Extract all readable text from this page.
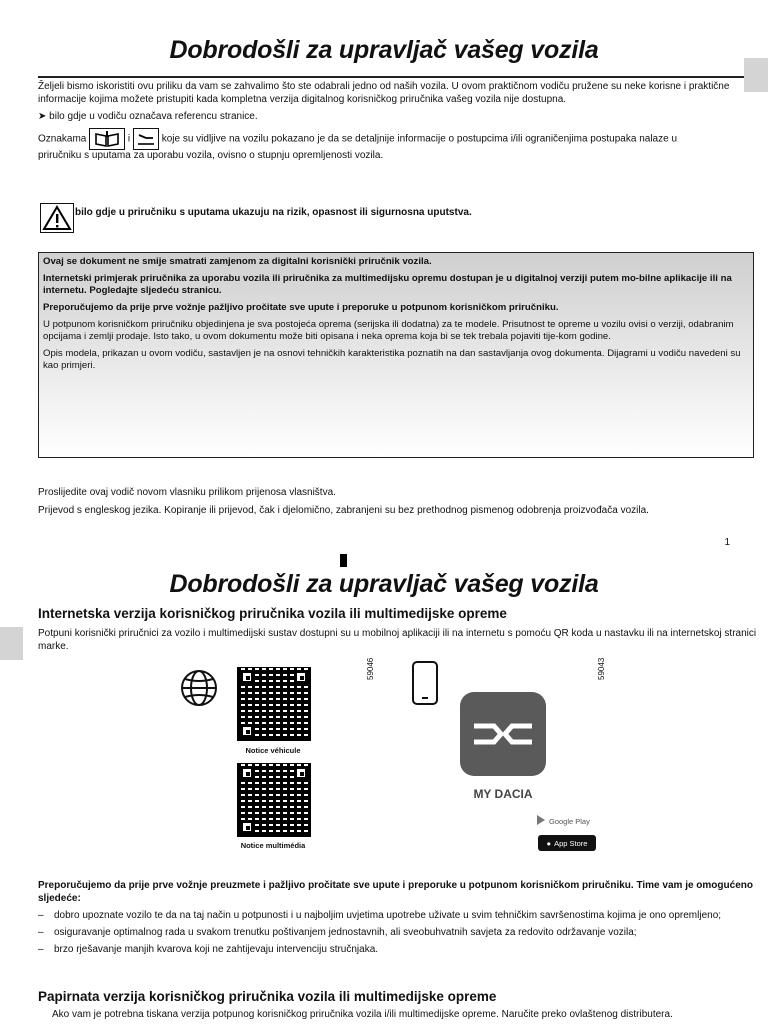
Dobrodošli za upravljač vašeg vozila
Željeli bismo iskoristiti ovu priliku da vam se zahvalimo što ste odabrali jedno od naših vozila. U ovom praktičnom vodiču pružene su neke korisne i praktične informacije kojima možete pristupiti kada kompletna verzija digitalnog korisničkog priručnika vašeg vozila nije dostupna.
➤ bilo gdje u vodiču označava referencu stranice.
Oznakama	i	koje su vidljive na vozilu pokazano je da se detaljnije informacije o postupcima i/ili ograničenjima postupaka nalaze u
priručniku s uputama za uporabu vozila, ovisno o stupnju opremljenosti vozila.
bilo gdje u priručniku s uputama ukazuju na rizik, opasnost ili sigurnosna uputstva.

Ovaj se dokument ne smije smatrati zamjenom za digitalni korisnički priručnik vozila.

Internetski primjerak priručnika za uporabu vozila ili priručnika za multimedijsku opremu dostupan je u digitalnoj verziji putem mo-bilne aplikacije ili na internetu. Pogledajte sljedeću stranicu.

Preporučujemo da prije prve vožnje pažljivo pročitate sve upute i preporuke u potpunom korisničkom priručniku.

U potpunom korisničkom priručniku objedinjena je sva postojeća oprema (serijska ili dodatna) za te modele. Prisutnost te opreme u vozilu ovisi o verziji, odabranim opcijama i zemlji prodaje. Isto tako, u ovom dokumentu može biti opisana i neka oprema koja bi se tek trebala pojaviti tije-kom godine.

Opis modela, prikazan u ovom vodiču, sastavljen je na osnovi tehničkih karakteristika poznatih na dan sastavljanja ovog dokumenta. Dijagrami u vodiču navedeni su kao primjeri.

Proslijedite ovaj vodič novom vlasniku prilikom prijenosa vlasništva.
Prijevod s engleskog jezika. Kopiranje ili prijevod, čak i djelomično, zabranjeni su bez prethodnog pismenog odobrenja proizvođača vozila.
1
Dobrodošli za upravljač vašeg vozila
Internetska verzija korisničkog priručnika vozila ili multimedijske opreme
Potpuni korisnički priručnici za vozilo i multimedijski sustav dostupni su u mobilnoj aplikaciji ili na internetu s pomoću QR koda u nastavku ili na internetskoj stranici marke.
Notice véhicule
Notice multimédia
59046	59043
MY DACIA
Google Play
● App Store
Preporučujemo da prije prve vožnje preuzmete i pažljivo pročitate sve upute i preporuke u potpunom korisničkom priručniku. Time vam je omogućeno sljedeće:
– dobro upoznate vozilo te da na taj način u potpunosti i u najboljim uvjetima upotrebe uživate u svim tehničkim savršenostima kojima je ono opremljeno;
– osiguravanje optimalnog rada u svakom trenutku poštivanjem jednostavnih, ali sveobuhvatnih savjeta za redovito održavanje vozila;
– brzo rješavanje manjih kvarova koji ne zahtijevaju intervenciju stručnjaka.
Papirnata verzija korisničkog priručnika vozila ili multimedijske opreme
Ako vam je potrebna tiskana verzija potpunog korisničkog priručnika vozila i/ili multimedijske opreme. Naručite preko ovlaštenog distributera.
